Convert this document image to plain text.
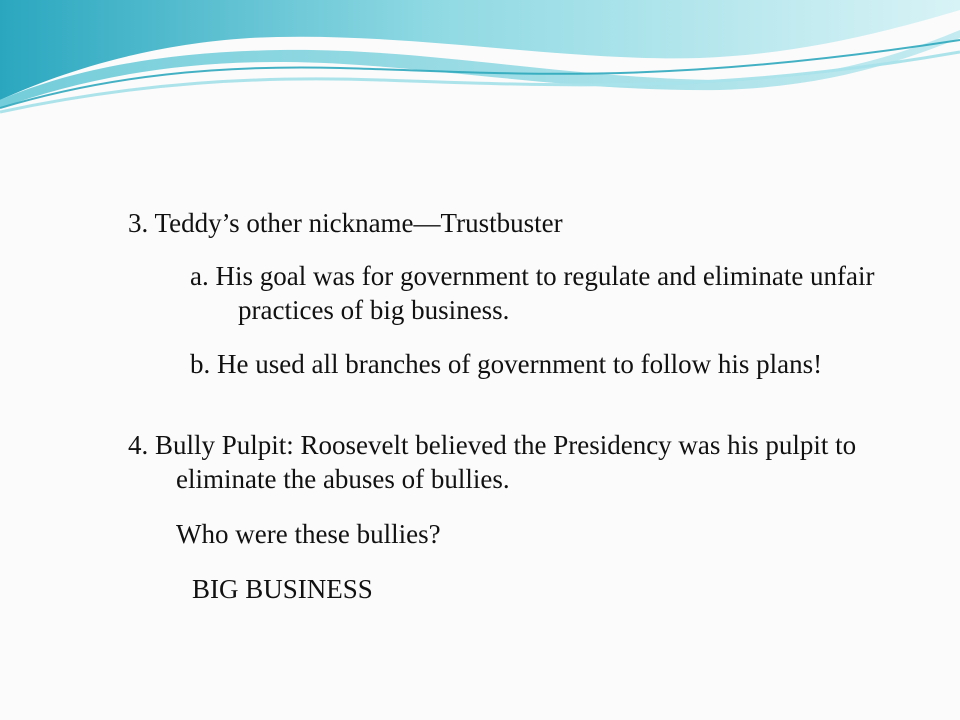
3. Teddy’s other nickname—Trustbuster
a. His goal was for government to regulate and eliminate unfair practices of big business.
b. He used all branches of government to follow his plans!
4. Bully Pulpit: Roosevelt believed the Presidency was his pulpit to eliminate the abuses of bullies.
Who were these bullies?
BIG BUSINESS
